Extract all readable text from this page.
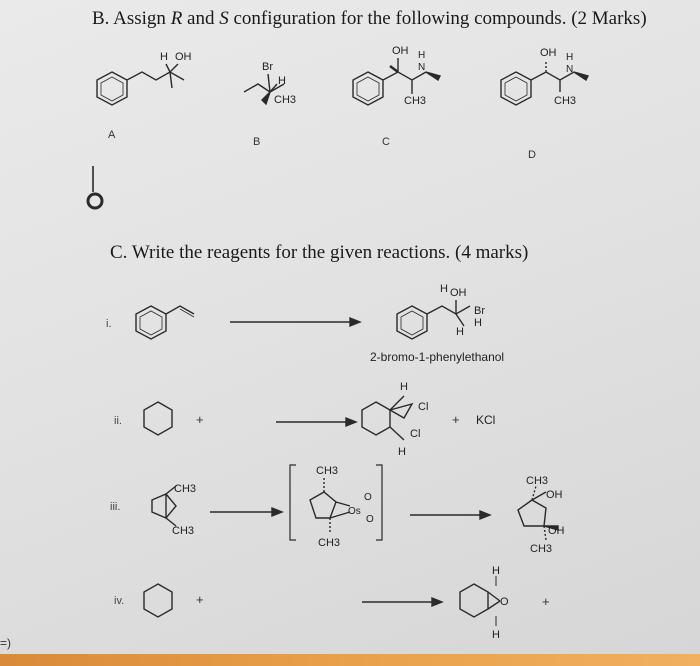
B. Assign R and S configuration for the following compounds. (2 Marks)
C. Write the reagents for the given reactions. (4 marks)
H OH
A
Br
H
CH3
B
OH H
N
CH3
C
OH H
N
CH3
D
i.
H OH
Br
H
H
2-bromo-1-phenylethanol
ii.	+
H
Cl
Cl
H
+ KCl
iii.
CH3
CH3
CH3
CH3
Os
O
O
CH3
OH
OH
CH3
iv.	+
H
O
H
+
=)
